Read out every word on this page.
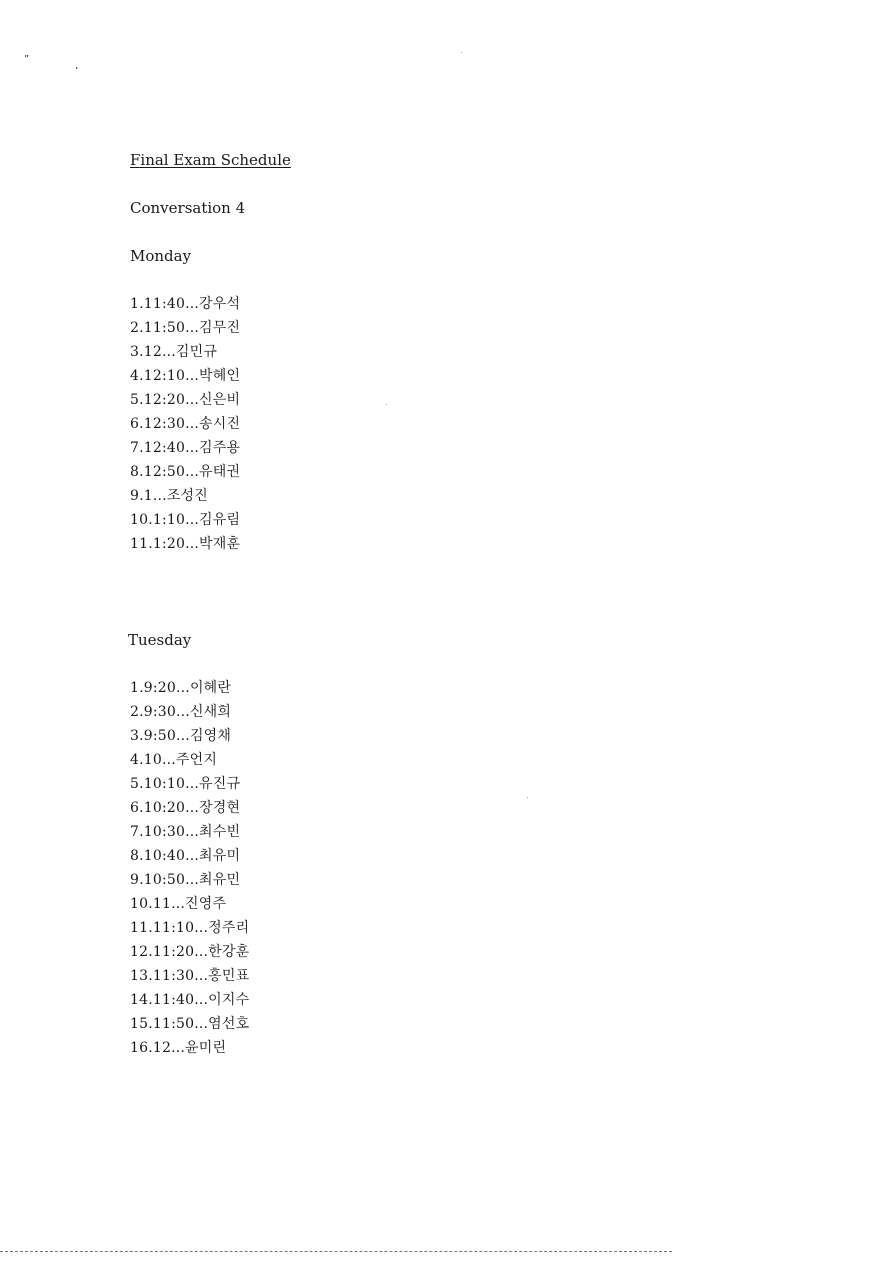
”
’
Final Exam Schedule
Conversation 4
Monday
1.11:40...강우석
2.11:50...김무진
3.12...김민규
4.12:10...박혜인
5.12:20...신은비
6.12:30...송시진
7.12:40...김주용
8.12:50...유태권
9.1...조성진
10.1:10...김유림
11.1:20...박재훈
Tuesday
1.9:20...이혜란
2.9:30...신새희
3.9:50...김영채
4.10...주언지
5.10:10...유진규
6.10:20...장경현
7.10:30...최수빈
8.10:40...최유미
9.10:50...최유민
10.11...진영주
11.11:10...정주리
12.11:20...한강훈
13.11:30...홍민표
14.11:40...이지수
15.11:50...염선호
16.12...윤미린
